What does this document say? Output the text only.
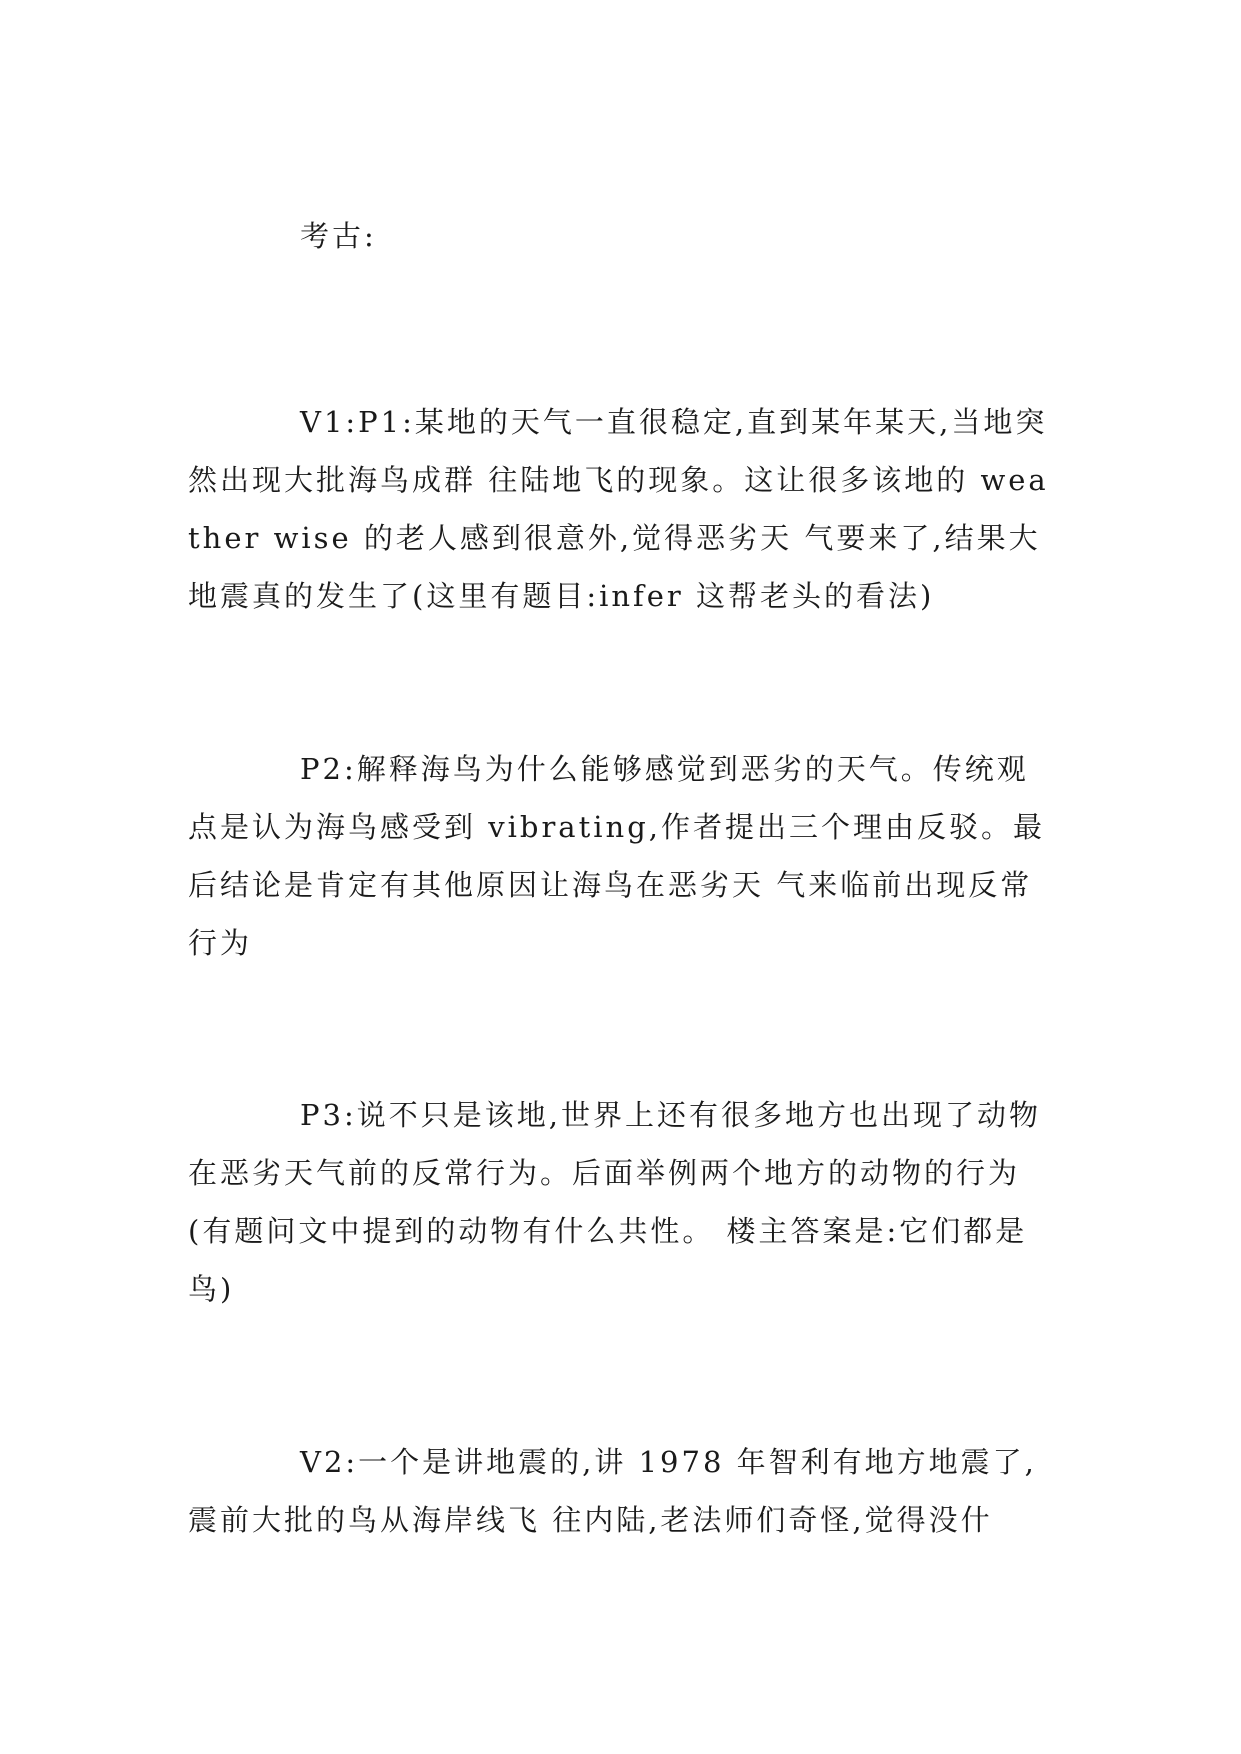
考古:

V1:P1:某地的天气一直很稳定,直到某年某天,当地突然出现大批海鸟成群 往陆地飞的现象。这让很多该地的 weather wise 的老人感到很意外,觉得恶劣天 气要来了,结果大地震真的发生了(这里有题目:infer 这帮老头的看法)

P2:解释海鸟为什么能够感觉到恶劣的天气。传统观点是认为海鸟感受到 vibrating,作者提出三个理由反驳。最后结论是肯定有其他原因让海鸟在恶劣天 气来临前出现反常行为

P3:说不只是该地,世界上还有很多地方也出现了动物在恶劣天气前的反常行为。后面举例两个地方的动物的行为(有题问文中提到的动物有什么共性。 楼主答案是:它们都是鸟)

V2:一个是讲地震的,讲 1978 年智利有地方地震了,震前大批的鸟从海岸线飞 往内陆,老法师们奇怪,觉得没什
